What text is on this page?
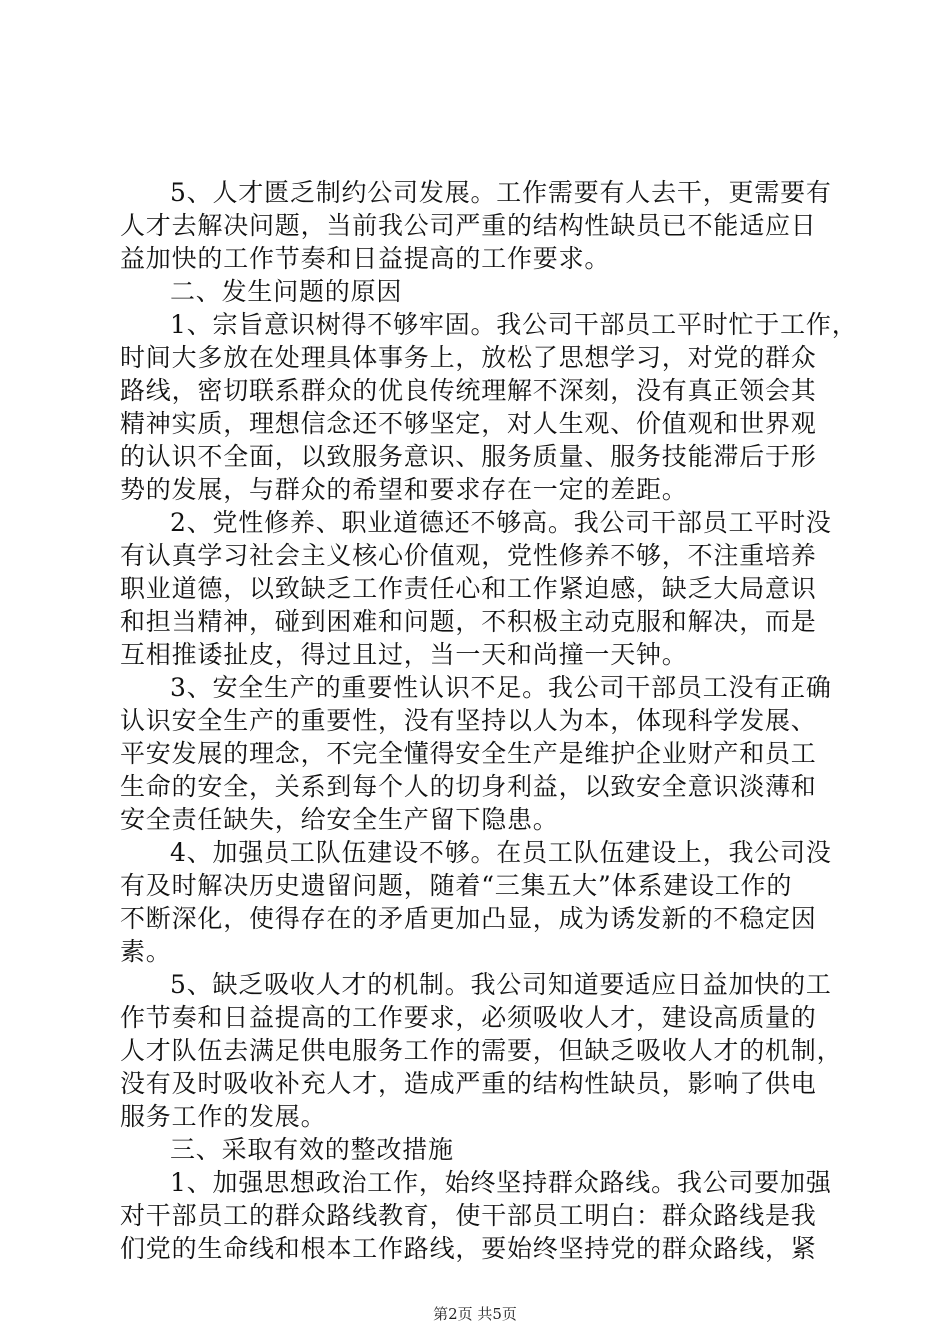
5、人才匮乏制约公司发展。工作需要有人去干，更需要有

人才去解决问题，当前我公司严重的结构性缺员已不能适应日

益加快的工作节奏和日益提高的工作要求。

二、发生问题的原因

1、宗旨意识树得不够牢固。我公司干部员工平时忙于工作，

时间大多放在处理具体事务上，放松了思想学习，对党的群众

路线，密切联系群众的优良传统理解不深刻，没有真正领会其

精神实质，理想信念还不够坚定，对人生观、价值观和世界观

的认识不全面，以致服务意识、服务质量、服务技能滞后于形

势的发展，与群众的希望和要求存在一定的差距。

2、党性修养、职业道德还不够高。我公司干部员工平时没

有认真学习社会主义核心价值观，党性修养不够，不注重培养

职业道德，以致缺乏工作责任心和工作紧迫感，缺乏大局意识

和担当精神，碰到困难和问题，不积极主动克服和解决，而是

互相推诿扯皮，得过且过，当一天和尚撞一天钟。

3、安全生产的重要性认识不足。我公司干部员工没有正确

认识安全生产的重要性，没有坚持以人为本，体现科学发展、

平安发展的理念，不完全懂得安全生产是维护企业财产和员工

生命的安全，关系到每个人的切身利益，以致安全意识淡薄和

安全责任缺失，给安全生产留下隐患。

4、加强员工队伍建设不够。在员工队伍建设上，我公司没

有及时解决历史遗留问题，随着“三集五大”体系建设工作的

不断深化，使得存在的矛盾更加凸显，成为诱发新的不稳定因

素。

5、缺乏吸收人才的机制。我公司知道要适应日益加快的工

作节奏和日益提高的工作要求，必须吸收人才，建设高质量的

人才队伍去满足供电服务工作的需要，但缺乏吸收人才的机制，

没有及时吸收补充人才，造成严重的结构性缺员，影响了供电

服务工作的发展。

三、采取有效的整改措施

1、加强思想政治工作，始终坚持群众路线。我公司要加强

对干部员工的群众路线教育，使干部员工明白：群众路线是我

们党的生命线和根本工作路线，要始终坚持党的群众路线，紧

第2页 共5页
